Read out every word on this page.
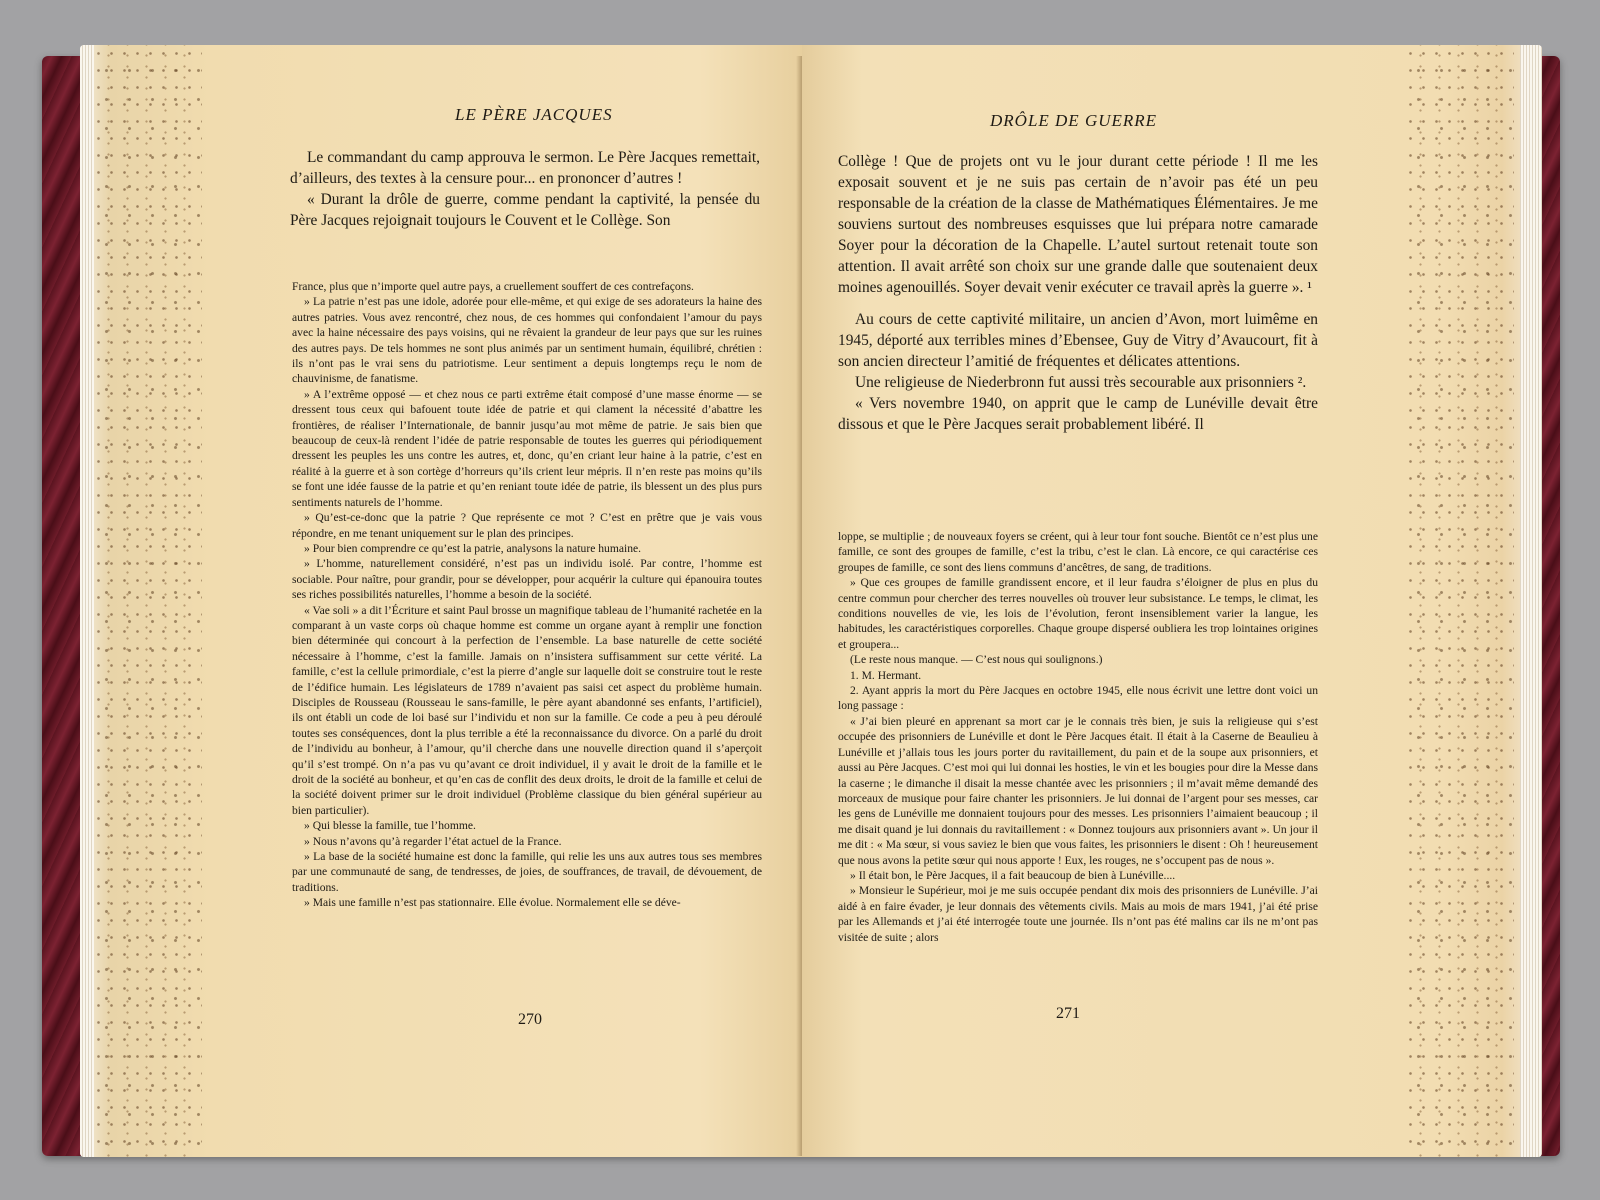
LE PÈRE JACQUES

Le commandant du camp approuva le sermon. Le Père Jacques remettait, d’ailleurs, des textes à la censure pour... en prononcer d’autres !

« Durant la drôle de guerre, comme pendant la captivité, la pensée du Père Jacques rejoignait toujours le Couvent et le Collège. Son

France, plus que n’importe quel autre pays, a cruellement souffert de ces contrefaçons.

» La patrie n’est pas une idole, adorée pour elle-même, et qui exige de ses adorateurs la haine des autres patries. Vous avez rencontré, chez nous, de ces hommes qui confondaient l’amour du pays avec la haine nécessaire des pays voisins, qui ne rêvaient la grandeur de leur pays que sur les ruines des autres pays. De tels hommes ne sont plus animés par un sentiment humain, équilibré, chrétien : ils n’ont pas le vrai sens du patriotisme. Leur sentiment a depuis longtemps reçu le nom de chauvinisme, de fanatisme.

» A l’extrême opposé — et chez nous ce parti extrême était composé d’une masse énorme — se dressent tous ceux qui bafouent toute idée de patrie et qui clament la nécessité d’abattre les frontières, de réaliser l’Internationale, de bannir jusqu’au mot même de patrie. Je sais bien que beaucoup de ceux-là rendent l’idée de patrie responsable de toutes les guerres qui périodiquement dressent les peuples les uns contre les autres, et, donc, qu’en criant leur haine à la patrie, c’est en réalité à la guerre et à son cortège d’horreurs qu’ils crient leur mépris. Il n’en reste pas moins qu’ils se font une idée fausse de la patrie et qu’en reniant toute idée de patrie, ils blessent un des plus purs sentiments naturels de l’homme.

» Qu’est-ce-donc que la patrie ? Que représente ce mot ? C’est en prêtre que je vais vous répondre, en me tenant uniquement sur le plan des principes.

» Pour bien comprendre ce qu’est la patrie, analysons la nature humaine.

» L’homme, naturellement considéré, n’est pas un individu isolé. Par contre, l’homme est sociable. Pour naître, pour grandir, pour se développer, pour acquérir la culture qui épanouira toutes ses riches possibilités naturelles, l’homme a besoin de la société.

« Vae soli » a dit l’Écriture et saint Paul brosse un magnifique tableau de l’humanité rachetée en la comparant à un vaste corps où chaque homme est comme un organe ayant à remplir une fonction bien déterminée qui concourt à la perfection de l’ensemble. La base naturelle de cette société nécessaire à l’homme, c’est la famille. Jamais on n’insistera suffisamment sur cette vérité. La famille, c’est la cellule primordiale, c’est la pierre d’angle sur laquelle doit se construire tout le reste de l’édifice humain. Les législateurs de 1789 n’avaient pas saisi cet aspect du problème humain. Disciples de Rousseau (Rousseau le sans-famille, le père ayant abandonné ses enfants, l’artificiel), ils ont établi un code de loi basé sur l’individu et non sur la famille. Ce code a peu à peu déroulé toutes ses conséquences, dont la plus terrible a été la reconnaissance du divorce. On a parlé du droit de l’individu au bonheur, à l’amour, qu’il cherche dans une nouvelle direction quand il s’aperçoit qu’il s’est trompé. On n’a pas vu qu’avant ce droit individuel, il y avait le droit de la famille et le droit de la société au bonheur, et qu’en cas de conflit des deux droits, le droit de la famille et celui de la société doivent primer sur le droit individuel (Problème classique du bien général supérieur au bien particulier).

» Qui blesse la famille, tue l’homme.

» Nous n’avons qu’à regarder l’état actuel de la France.

» La base de la société humaine est donc la famille, qui relie les uns aux autres tous ses membres par une communauté de sang, de tendresses, de joies, de souffrances, de travail, de dévouement, de traditions.

» Mais une famille n’est pas stationnaire. Elle évolue. Normalement elle se déve-

270
DRÔLE DE GUERRE

Collège ! Que de projets ont vu le jour durant cette période ! Il me les exposait souvent et je ne suis pas certain de n’avoir pas été un peu responsable de la création de la classe de Mathématiques Élémentaires. Je me souviens surtout des nombreuses esquisses que lui prépara notre camarade Soyer pour la décoration de la Chapelle. L’autel surtout retenait toute son attention. Il avait arrêté son choix sur une grande dalle que soutenaient deux moines agenouillés. Soyer devait venir exécuter ce travail après la guerre ». ¹

Au cours de cette captivité militaire, un ancien d’Avon, mort luimême en 1945, déporté aux terribles mines d’Ebensee, Guy de Vitry d’Avaucourt, fit à son ancien directeur l’amitié de fréquentes et délicates attentions.

Une religieuse de Niederbronn fut aussi très secourable aux prisonniers ².

« Vers novembre 1940, on apprit que le camp de Lunéville devait être dissous et que le Père Jacques serait probablement libéré. Il

loppe, se multiplie ; de nouveaux foyers se créent, qui à leur tour font souche. Bientôt ce n’est plus une famille, ce sont des groupes de famille, c’est la tribu, c’est le clan. Là encore, ce qui caractérise ces groupes de famille, ce sont des liens communs d’ancêtres, de sang, de traditions.

» Que ces groupes de famille grandissent encore, et il leur faudra s’éloigner de plus en plus du centre commun pour chercher des terres nouvelles où trouver leur subsistance. Le temps, le climat, les conditions nouvelles de vie, les lois de l’évolution, feront insensiblement varier la langue, les habitudes, les caractéristiques corporelles. Chaque groupe dispersé oubliera les trop lointaines origines et groupera...

(Le reste nous manque. — C’est nous qui soulignons.)

1. M. Hermant.

2. Ayant appris la mort du Père Jacques en octobre 1945, elle nous écrivit une lettre dont voici un long passage :

« J’ai bien pleuré en apprenant sa mort car je le connais très bien, je suis la religieuse qui s’est occupée des prisonniers de Lunéville et dont le Père Jacques était. Il était à la Caserne de Beaulieu à Lunéville et j’allais tous les jours porter du ravitaillement, du pain et de la soupe aux prisonniers, et aussi au Père Jacques. C’est moi qui lui donnai les hosties, le vin et les bougies pour dire la Messe dans la caserne ; le dimanche il disait la messe chantée avec les prisonniers ; il m’avait même demandé des morceaux de musique pour faire chanter les prisonniers. Je lui donnai de l’argent pour ses messes, car les gens de Lunéville me donnaient toujours pour des messes. Les prisonniers l’aimaient beaucoup ; il me disait quand je lui donnais du ravitaillement : « Donnez toujours aux prisonniers avant ». Un jour il me dit : « Ma sœur, si vous saviez le bien que vous faites, les prisonniers le disent : Oh ! heureusement que nous avons la petite sœur qui nous apporte ! Eux, les rouges, ne s’occupent pas de nous ».

» Il était bon, le Père Jacques, il a fait beaucoup de bien à Lunéville....

» Monsieur le Supérieur, moi je me suis occupée pendant dix mois des prisonniers de Lunéville. J’ai aidé à en faire évader, je leur donnais des vêtements civils. Mais au mois de mars 1941, j’ai été prise par les Allemands et j’ai été interrogée toute une journée. Ils n’ont pas été malins car ils ne m’ont pas visitée de suite ; alors

271
